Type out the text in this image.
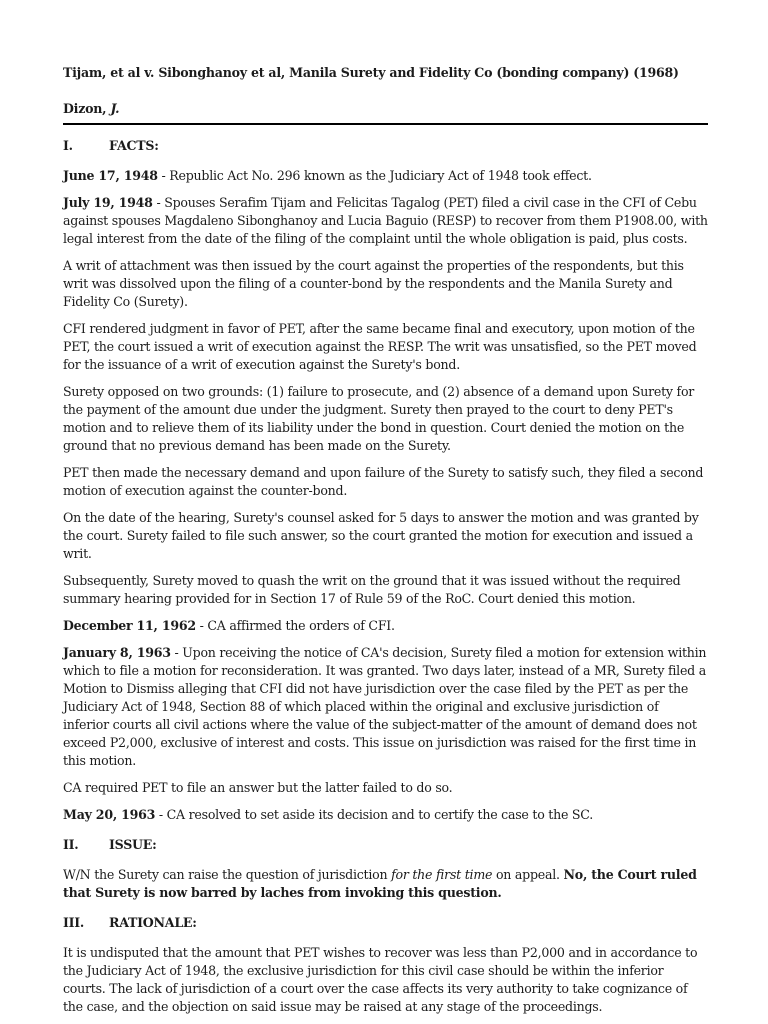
Tijam, et al v. Sibonghanoy et al, Manila Surety and Fidelity Co (bonding company) (1968)
Dizon, J.
I.	FACTS:

June 17, 1948 - Republic Act No. 296 known as the Judiciary Act of 1948 took effect.

July 19, 1948 - Spouses Serafim Tijam and Felicitas Tagalog (PET) filed a civil case in the CFI of Cebu against spouses Magdaleno Sibonghanoy and Lucia Baguio (RESP) to recover from them P1908.00, with legal interest from the date of the filing of the complaint until the whole obligation is paid, plus costs.

A writ of attachment was then issued by the court against the properties of the respondents, but this writ was dissolved upon the filing of a counter-bond by the respondents and the Manila Surety and Fidelity Co (Surety).

CFI rendered judgment in favor of PET, after the same became final and executory, upon motion of the PET, the court issued a writ of execution against the RESP. The writ was unsatisfied, so the PET moved for the issuance of a writ of execution against the Surety's bond.

Surety opposed on two grounds: (1) failure to prosecute, and (2) absence of a demand upon Surety for the payment of the amount due under the judgment. Surety then prayed to the court to deny PET's motion and to relieve them of its liability under the bond in question. Court denied the motion on the ground that no previous demand has been made on the Surety.

PET then made the necessary demand and upon failure of the Surety to satisfy such, they filed a second motion of execution against the counter-bond.

On the date of the hearing, Surety's counsel asked for 5 days to answer the motion and was granted by the court. Surety failed to file such answer, so the court granted the motion for execution and issued a writ.

Subsequently, Surety moved to quash the writ on the ground that it was issued without the required summary hearing provided for in Section 17 of Rule 59 of the RoC. Court denied this motion.

December 11, 1962 - CA affirmed the orders of CFI.

January 8, 1963 - Upon receiving the notice of CA's decision, Surety filed a motion for extension within which to file a motion for reconsideration. It was granted. Two days later, instead of a MR, Surety filed a Motion to Dismiss alleging that CFI did not have jurisdiction over the case filed by the PET as per the Judiciary Act of 1948, Section 88 of which placed within the original and exclusive jurisdiction of inferior courts all civil actions where the value of the subject-matter of the amount of demand does not exceed P2,000, exclusive of interest and costs. This issue on jurisdiction was raised for the first time in this motion.

CA required PET to file an answer but the latter failed to do so.

May 20, 1963 - CA resolved to set aside its decision and to certify the case to the SC.

II.	ISSUE:

W/N the Surety can raise the question of jurisdiction for the first time on appeal. No, the Court ruled that Surety is now barred by laches from invoking this question.

III.	RATIONALE:

It is undisputed that the amount that PET wishes to recover was less than P2,000 and in accordance to the Judiciary Act of 1948, the exclusive jurisdiction for this civil case should be within the inferior courts. The lack of jurisdiction of a court over the case affects its very authority to take cognizance of the case, and the objection on said issue may be raised at any stage of the proceedings.
